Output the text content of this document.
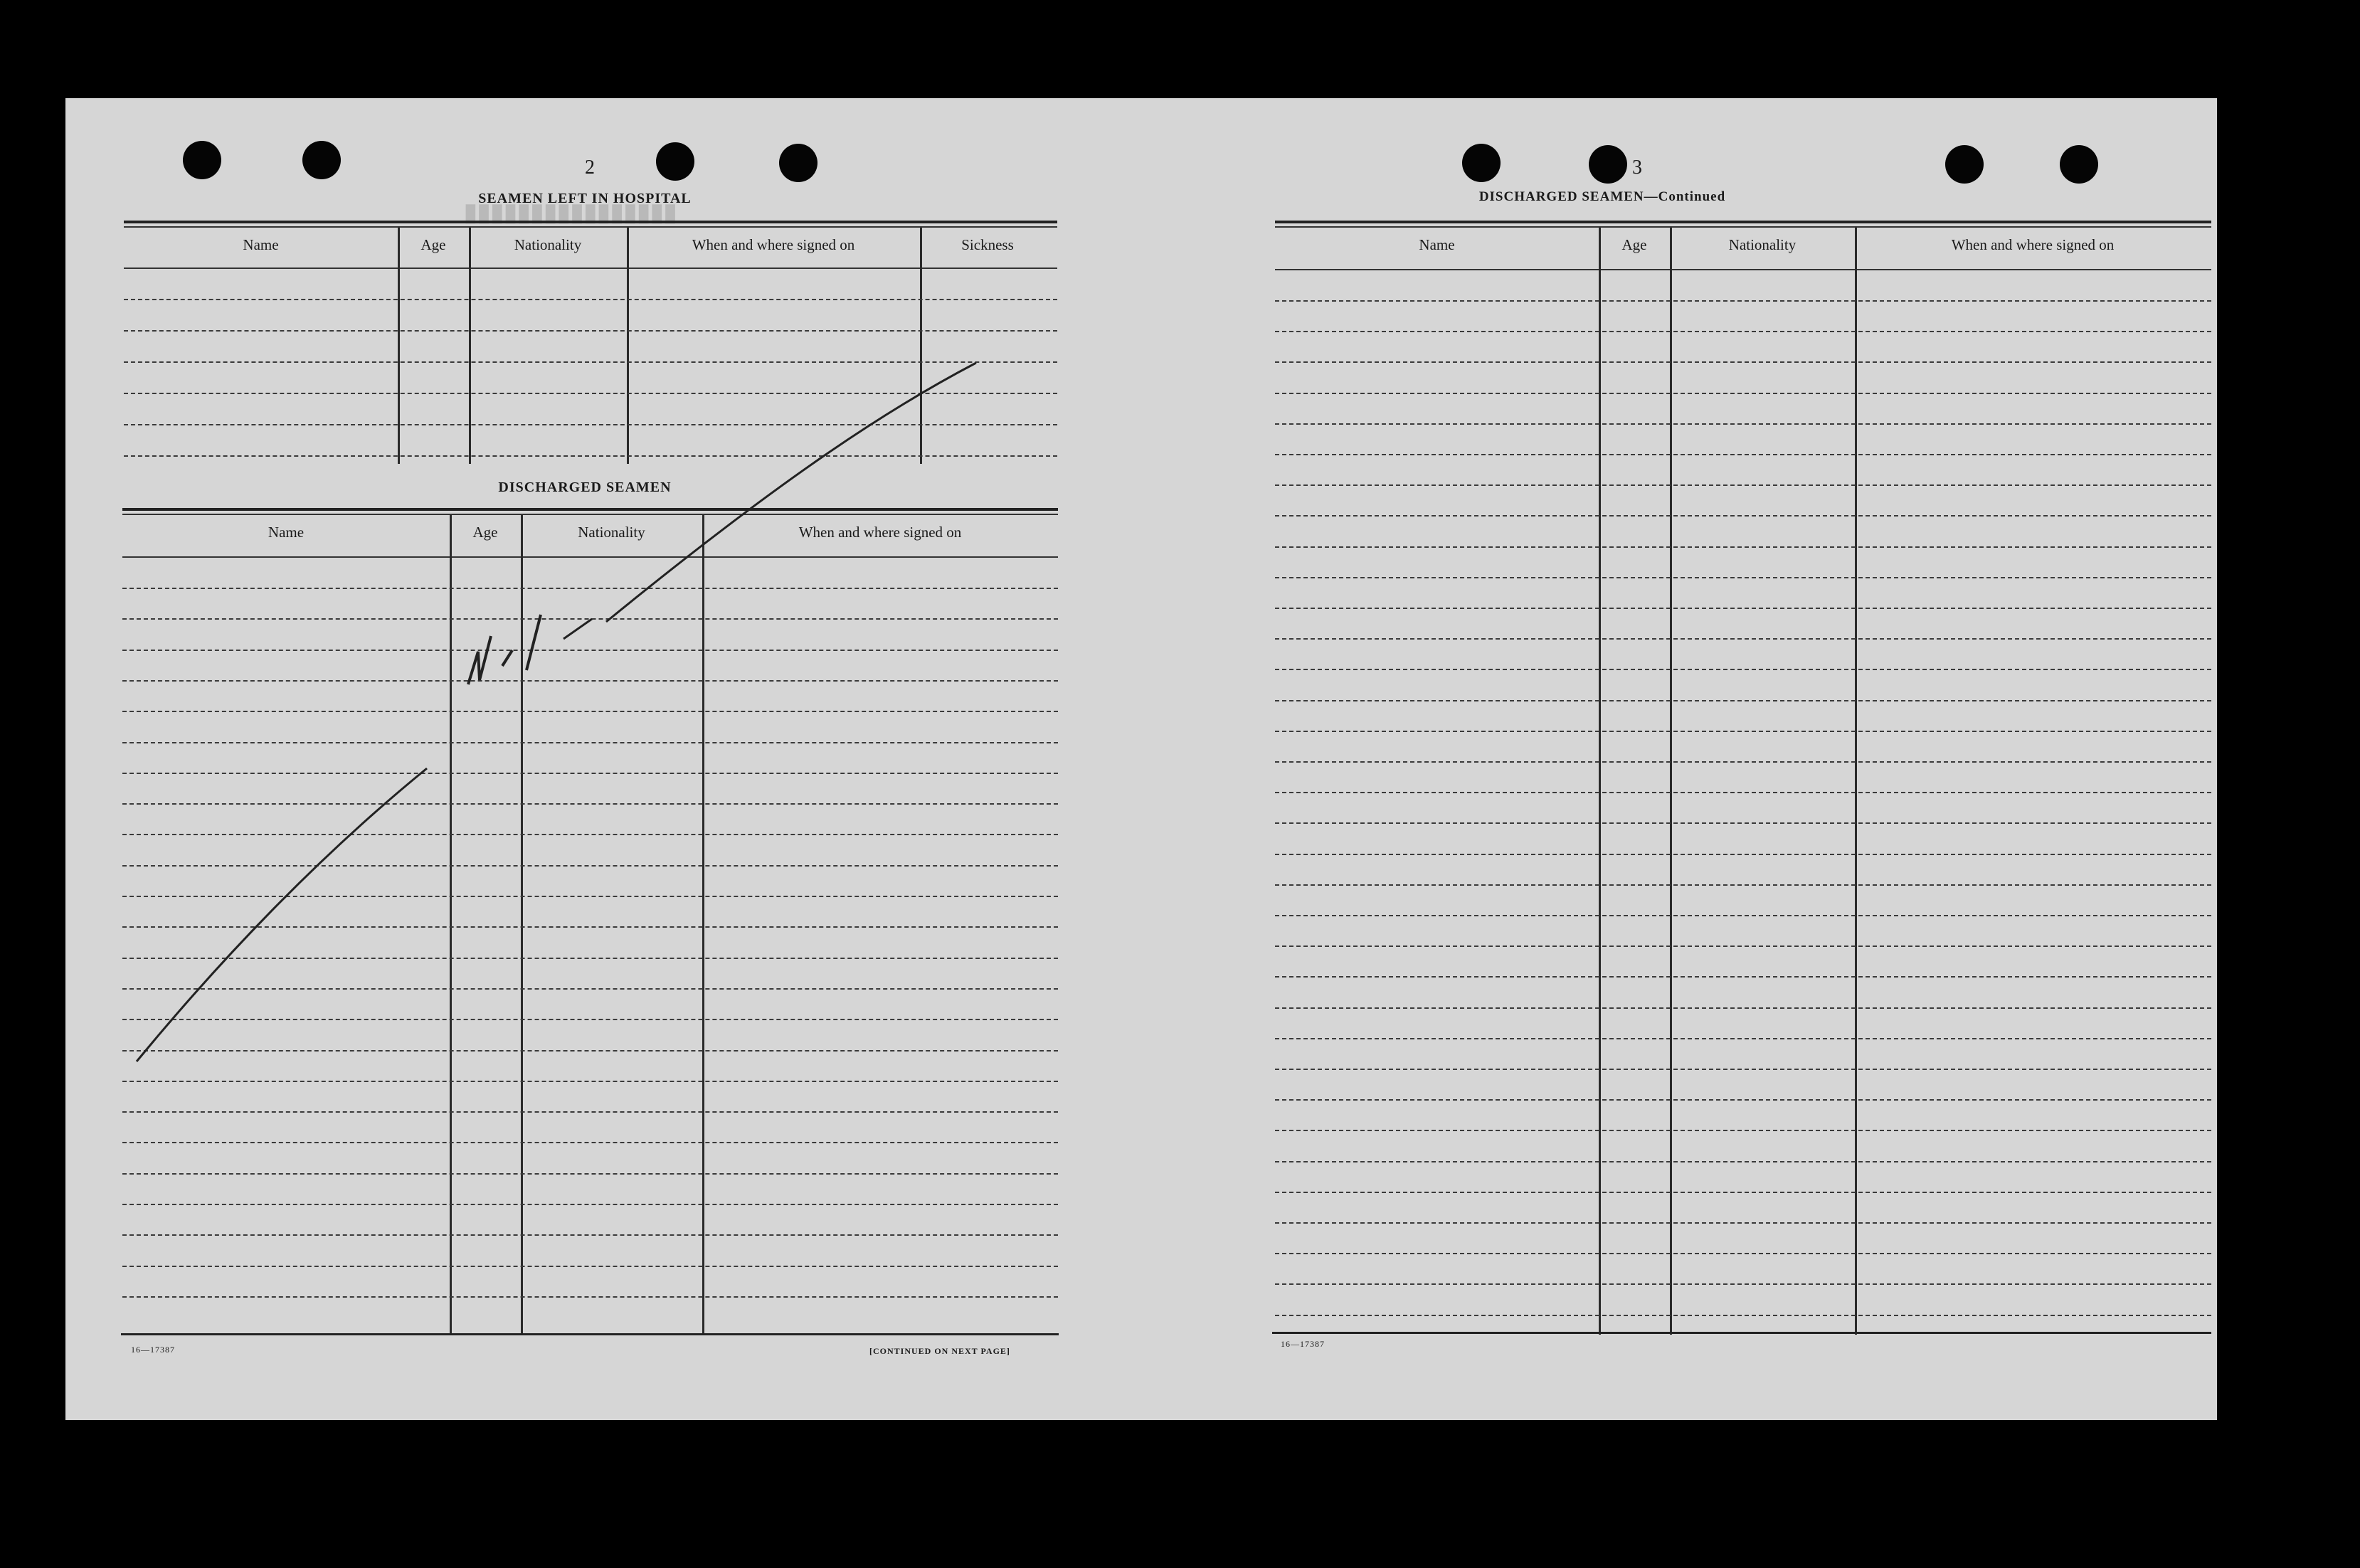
▮▮▮▮▮▮▮▮▮▮▮▮▮▮▮▮
2
SEAMEN LEFT IN HOSPITAL
Name	Age	Nationality	When and where signed on	Sickness
DISCHARGED SEAMEN
Name	Age	Nationality	When and where signed on
16—17387	[CONTINUED ON NEXT PAGE]
3
DISCHARGED SEAMEN—Continued
Name	Age	Nationality	When and where signed on
16—17387
